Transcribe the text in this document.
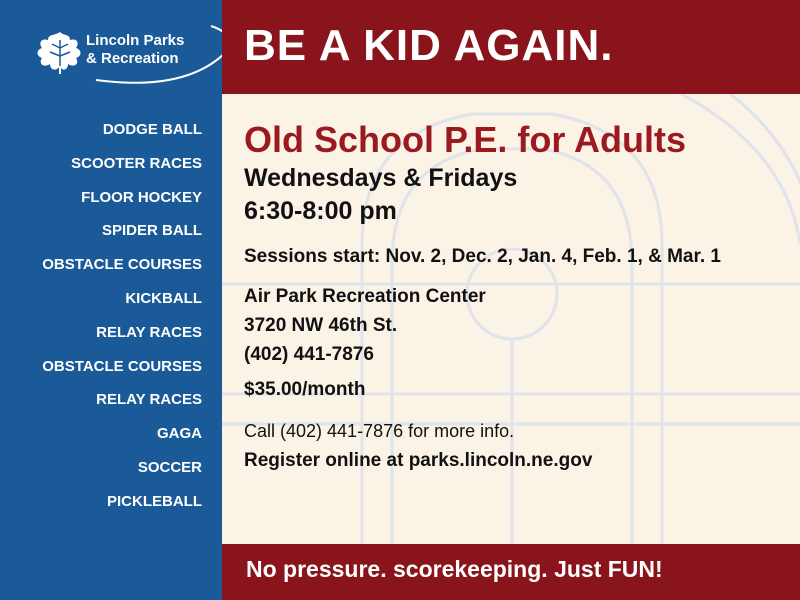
Lincoln Parks
& Recreation
DODGE BALL
SCOOTER RACES
FLOOR HOCKEY
SPIDER BALL
OBSTACLE COURSES
KICKBALL
RELAY RACES
OBSTACLE COURSES
RELAY RACES
GAGA
SOCCER
PICKLEBALL
BE A KID AGAIN.
Old School P.E. for Adults
Wednesdays & Fridays
6:30-8:00 pm
Sessions start: Nov. 2, Dec. 2, Jan. 4, Feb. 1, & Mar. 1
Air Park Recreation Center
3720 NW 46th St.
(402) 441-7876
$35.00/month
Call (402) 441-7876 for more info.
Register online at parks.lincoln.ne.gov
No pressure. scorekeeping. Just FUN!
